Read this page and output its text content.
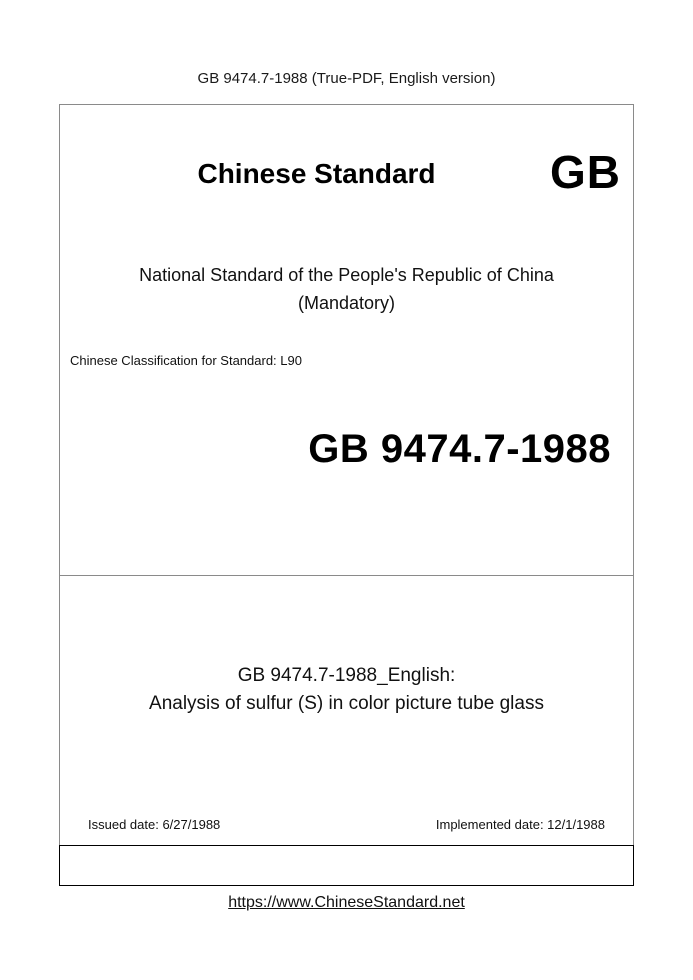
GB 9474.7-1988 (True-PDF, English version)
Chinese Standard	GB
National Standard of the People's Republic of China
(Mandatory)
Chinese Classification for Standard: L90
GB 9474.7-1988
GB 9474.7-1988_English:
Analysis of sulfur (S) in color picture tube glass
Issued date: 6/27/1988	Implemented date: 12/1/1988
https://www.ChineseStandard.net
